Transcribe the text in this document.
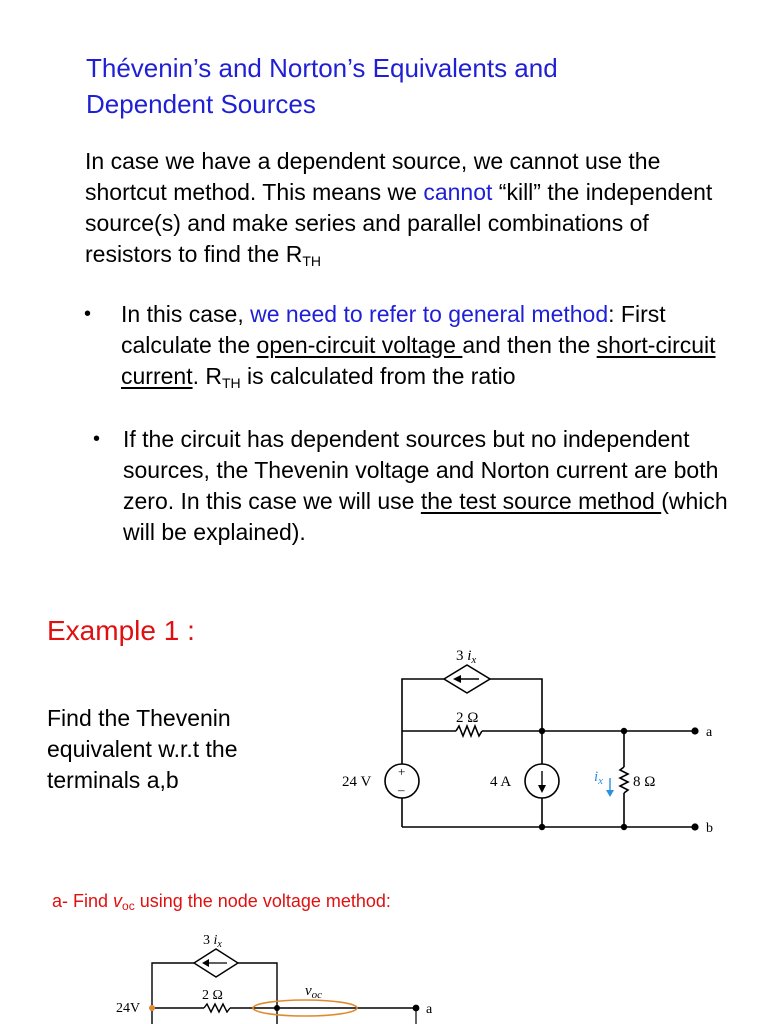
Thévenin’s and Norton’s Equivalents and
Dependent Sources
In case we have a dependent source, we cannot use the shortcut method. This means we cannot “kill” the independent source(s) and make series and parallel combinations of resistors to find the $R_{TH}$
• In this case, we need to refer to general method: First calculate the open-circuit voltage and then the short-circuit current. $R_{TH}$ is calculated from the ratio
• If the circuit has dependent sources but no independent sources, the Thevenin voltage and Norton current are both zero. In this case we will use the test source method (which will be explained).
Example 1 :
Find the Thevenin equivalent w.r.t the terminals a,b
3 $i_x$
2 Ω
24 V
+
–	4 A	$i_x$ 8 Ω
a
b
a- Find $v_{oc}$ using the node voltage method:
3 $i_x$
2 Ω
24V
$v_{oc}$
a
